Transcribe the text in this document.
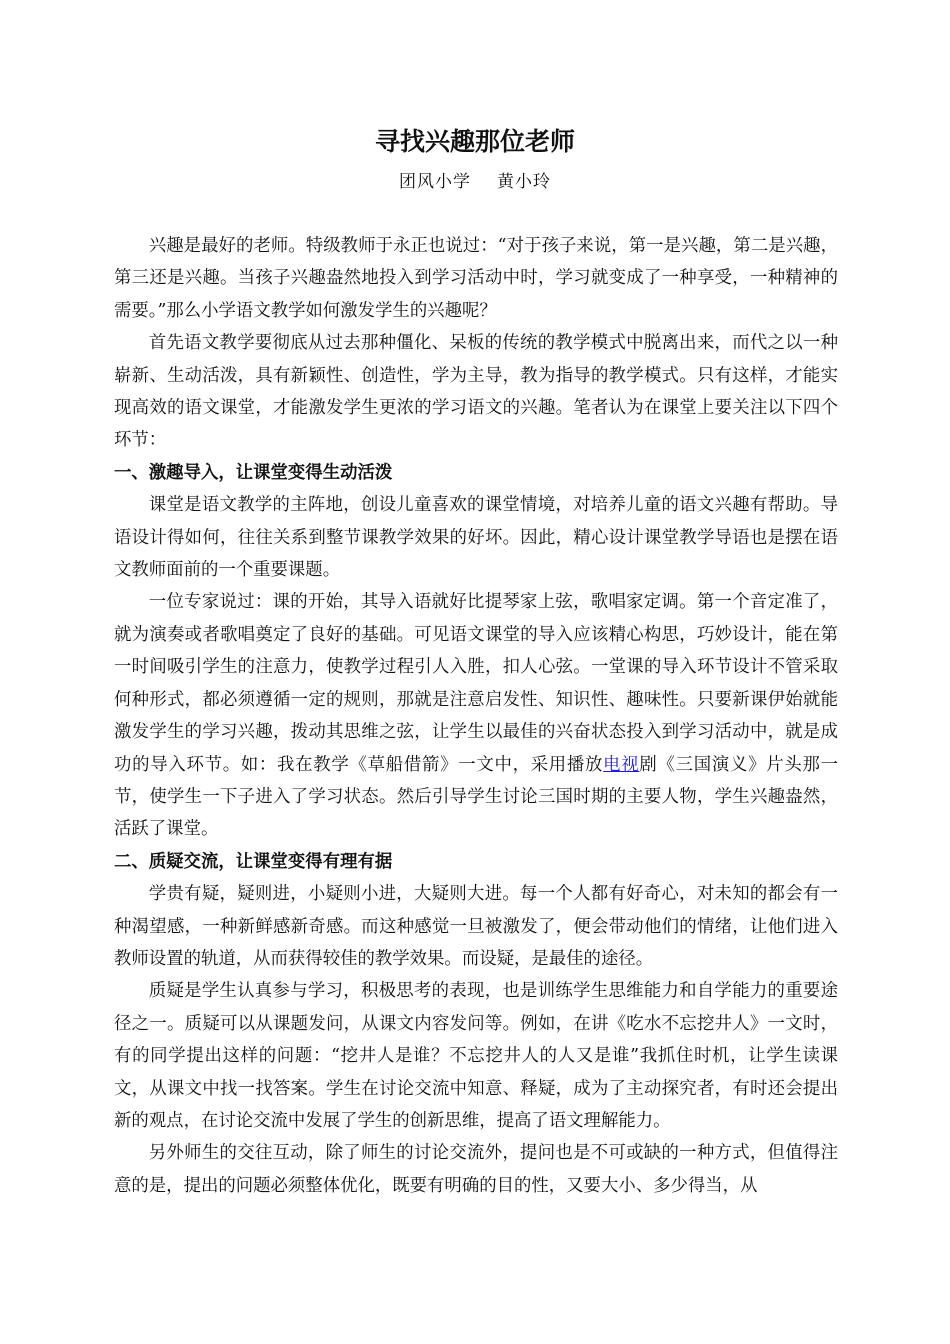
寻找兴趣那位老师
团风小学 黄小玲

兴趣是最好的老师。特级教师于永正也说过：“对于孩子来说，第一是兴趣，第二是兴趣，第三还是兴趣。当孩子兴趣盎然地投入到学习活动中时，学习就变成了一种享受，一种精神的需要。”那么小学语文教学如何激发学生的兴趣呢？

首先语文教学要彻底从过去那种僵化、呆板的传统的教学模式中脱离出来，而代之以一种崭新、生动活泼，具有新颖性、创造性，学为主导，教为指导的教学模式。只有这样，才能实现高效的语文课堂，才能激发学生更浓的学习语文的兴趣。笔者认为在课堂上要关注以下四个环节：

一、激趣导入，让课堂变得生动活泼

课堂是语文教学的主阵地，创设儿童喜欢的课堂情境，对培养儿童的语文兴趣有帮助。导语设计得如何，往往关系到整节课教学效果的好坏。因此，精心设计课堂教学导语也是摆在语文教师面前的一个重要课题。

一位专家说过：课的开始，其导入语就好比提琴家上弦，歌唱家定调。第一个音定准了，就为演奏或者歌唱奠定了良好的基础。可见语文课堂的导入应该精心构思，巧妙设计，能在第一时间吸引学生的注意力，使教学过程引人入胜，扣人心弦。一堂课的导入环节设计不管采取何种形式，都必须遵循一定的规则，那就是注意启发性、知识性、趣味性。只要新课伊始就能激发学生的学习兴趣，拨动其思维之弦，让学生以最佳的兴奋状态投入到学习活动中，就是成功的导入环节。如：我在教学《草船借箭》一文中，采用播放电视剧《三国演义》片头那一节，使学生一下子进入了学习状态。然后引导学生讨论三国时期的主要人物，学生兴趣盎然，活跃了课堂。

二、质疑交流，让课堂变得有理有据

学贵有疑，疑则进，小疑则小进，大疑则大进。每一个人都有好奇心，对未知的都会有一种渴望感，一种新鲜感新奇感。而这种感觉一旦被激发了，便会带动他们的情绪，让他们进入教师设置的轨道，从而获得较佳的教学效果。而设疑，是最佳的途径。

质疑是学生认真参与学习，积极思考的表现，也是训练学生思维能力和自学能力的重要途径之一。质疑可以从课题发问，从课文内容发问等。例如，在讲《吃水不忘挖井人》一文时，有的同学提出这样的问题：“挖井人是谁？不忘挖井人的人又是谁”我抓住时机，让学生读课文，从课文中找一找答案。学生在讨论交流中知意、释疑，成为了主动探究者，有时还会提出新的观点，在讨论交流中发展了学生的创新思维，提高了语文理解能力。

另外师生的交往互动，除了师生的讨论交流外，提问也是不可或缺的一种方式，但值得注意的是，提出的问题必须整体优化，既要有明确的目的性，又要大小、多少得当，从
